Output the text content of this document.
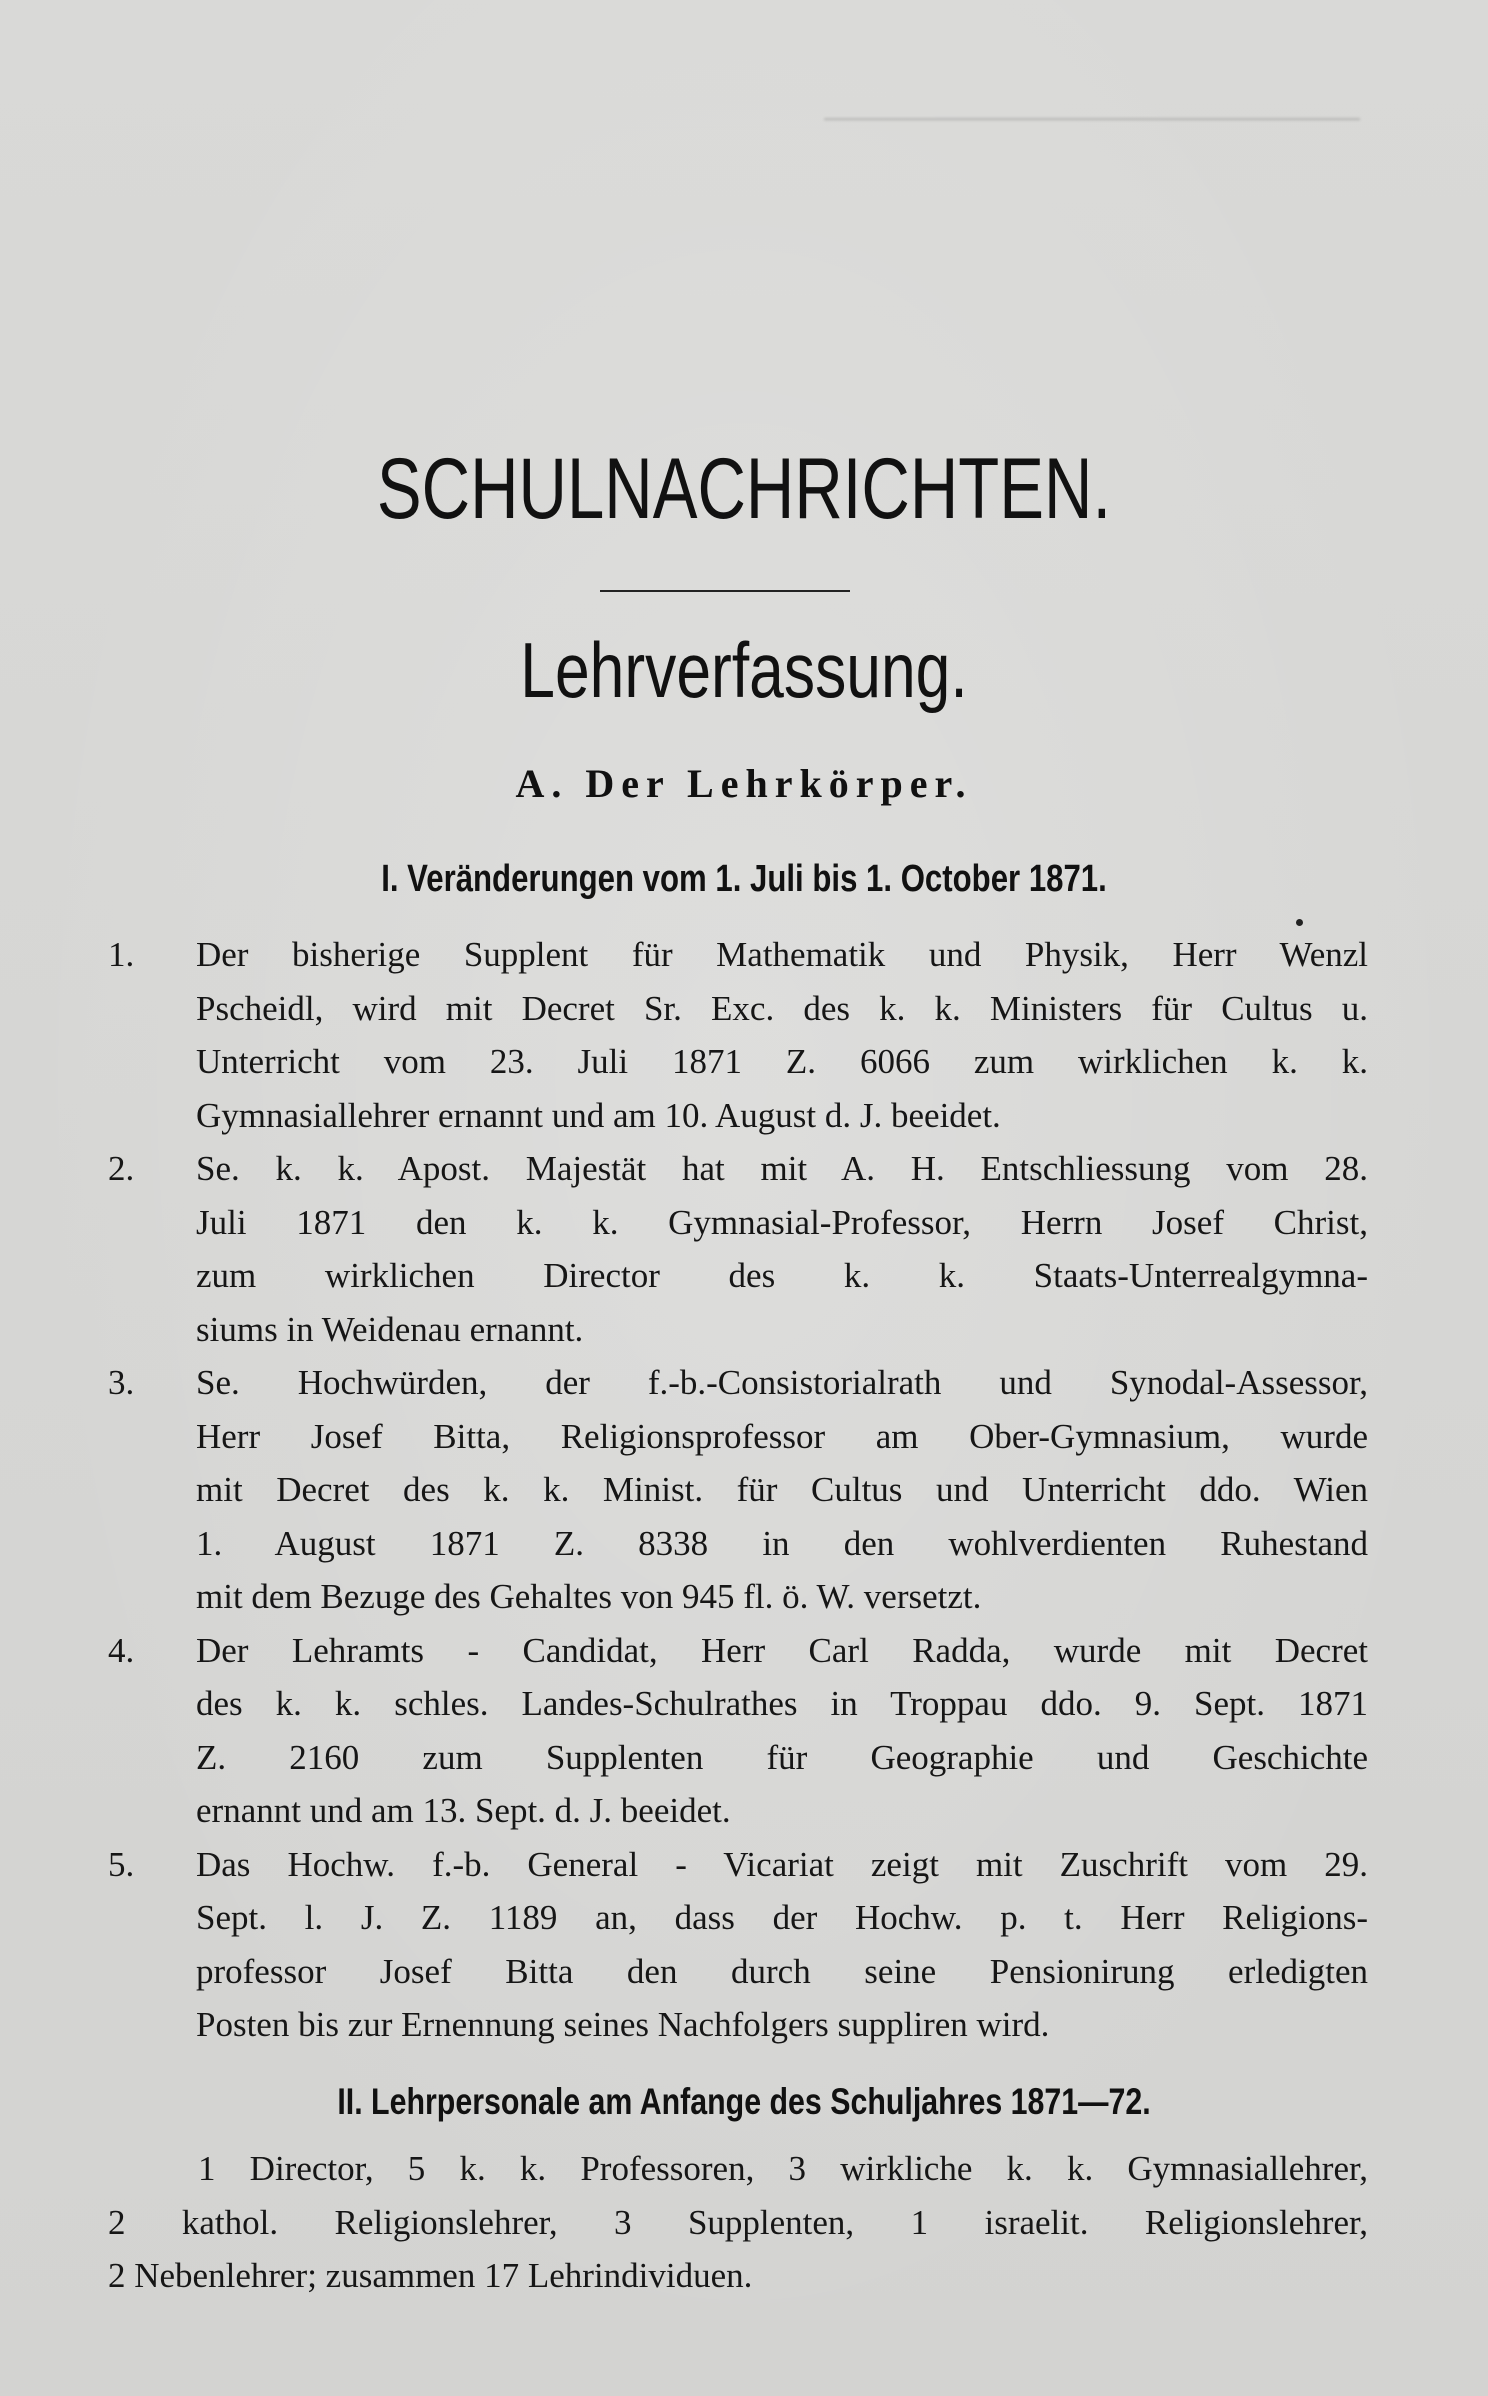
─────────────────────
SCHULNACHRICHTEN.
Lehrverfassung.
A. Der Lehrkörper.
I. Veränderungen vom 1. Juli bis 1. October 1871.
1.	Der bisherige Supplent für Mathematik und Physik, Herr Wenzl
Pscheidl, wird mit Decret Sr. Exc. des k. k. Ministers für Cultus u.
Unterricht vom 23. Juli 1871 Z. 6066 zum wirklichen k. k.
Gymnasiallehrer ernannt und am 10. August d. J. beeidet.
2.	Se. k. k. Apost. Majestät hat mit A. H. Entschliessung vom 28.
Juli 1871 den k. k. Gymnasial-Professor, Herrn Josef Christ,
zum wirklichen Director des k. k. Staats-Unterrealgymna-
siums in Weidenau ernannt.
3.	Se. Hochwürden, der f.-b.-Consistorialrath und Synodal-Assessor,
Herr Josef Bitta, Religionsprofessor am Ober-Gymnasium, wurde
mit Decret des k. k. Minist. für Cultus und Unterricht ddo. Wien
1. August 1871 Z. 8338 in den wohlverdienten Ruhestand
mit dem Bezuge des Gehaltes von 945 fl. ö. W. versetzt.
4.	Der Lehramts - Candidat, Herr Carl Radda, wurde mit Decret
des k. k. schles. Landes-Schulrathes in Troppau ddo. 9. Sept. 1871
Z. 2160 zum Supplenten für Geographie und Geschichte
ernannt und am 13. Sept. d. J. beeidet.
5.	Das Hochw. f.-b. General - Vicariat zeigt mit Zuschrift vom 29.
Sept. l. J. Z. 1189 an, dass der Hochw. p. t. Herr Religions-
professor Josef Bitta den durch seine Pensionirung erledigten
Posten bis zur Ernennung seines Nachfolgers suppliren wird.
II. Lehrpersonale am Anfange des Schuljahres 1871—72.
1 Director, 5 k. k. Professoren, 3 wirkliche k. k. Gymnasiallehrer,
2 kathol. Religionslehrer, 3 Supplenten, 1 israelit. Religionslehrer,
2 Nebenlehrer; zusammen 17 Lehrindividuen.
